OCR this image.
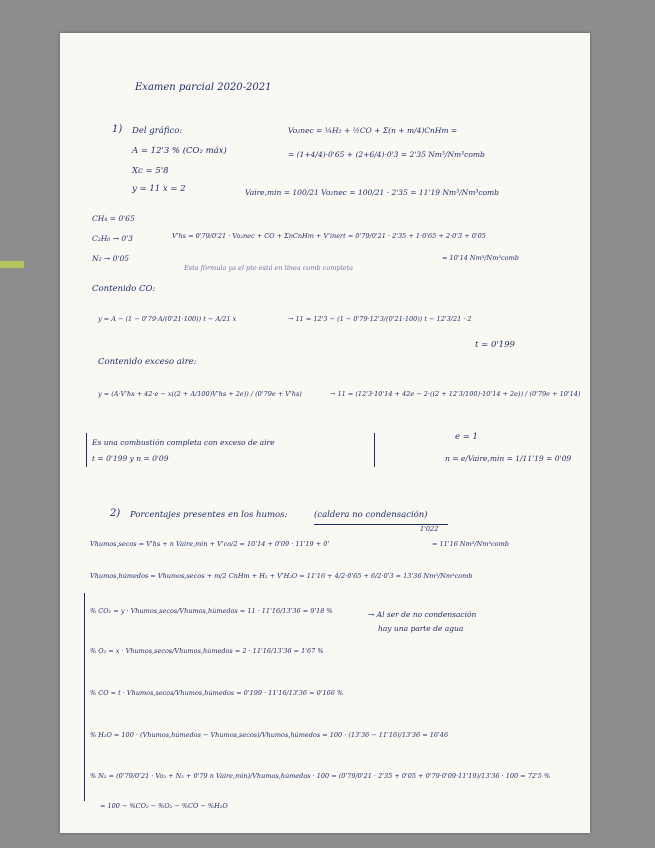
Examen parcial 2020-2021
1) Del gráfico:
A = 12'3 % (CO₂ máx)
Xc = 5'8
y = 11 x = 2
Vo₂nec = ¼H₂ + ½CO + Σ(n + m/4)CnHm =
= (1+4/4)·0'65 + (2+6/4)·0'3 = 2'35 Nm³/Nm³comb
Vaire,min = 100/21 Vo₂nec = 100/21 · 2'35 = 11'19 Nm³/Nm³comb
CH₄ = 0'65
C₂H₆ → 0'3
N₂ → 0'05
V'hs = 0'79/0'21 · Vo₂nec + CO + ΣnCnHm + V'inert = 0'79/0'21 · 2'35 + 1·0'65 + 2·0'3 + 0'05
= 10'14 Nm³/Nm³comb
Esta fórmula ya el pto está en línea comb completa
Contenido CO:
y = A − (1 − 0'79·A/(0'21·100)) t − A/21 x	→ 11 = 12'3 − (1 − 0'79·12'3/(0'21·100)) t − 12'3/21 · 2
t = 0'199
Contenido exceso aire:
y = (A·V'hs + 42·e − x((2 + A/100)V'hs + 2e)) / (0'79e + V'hs)	→ 11 = (12'3·10'14 + 42e − 2·((2 + 12'3/100)·10'14 + 2e)) / (0'79e + 10'14)
Es una combustión completa con exceso de aire
t = 0'199 y n = 0'09
e = 1
n = e/Vaire,min = 1/11'19 = 0'09
2) Porcentajes presentes en los humos:	(caldera no condensación)
Vhumos,secos = V'hs + n Vaire,min + V'co/2 = 10'14 + 0'09 · 11'19 + 0'
1'022
= 11'16 Nm³/Nm³comb
Vhumos,húmedos = Vhumos,secos + m/2 CnHm + H₂ + V'H₂O = 11'16 + 4/2·0'65 + 6/2·0'3 = 13'36 Nm³/Nm³comb
% CO₂ = y · Vhumos,secos/Vhumos,húmedos = 11 · 11'16/13'36 = 9'18 %
% O₂ = x · Vhumos,secos/Vhumos,húmedos = 2 · 11'16/13'36 = 1'67 %
% CO = t · Vhumos,secos/Vhumos,húmedos = 0'199 · 11'16/13'36 = 0'166 %
% H₂O = 100 · (Vhumos,húmedos − Vhumos,secos)/Vhumos,húmedos = 100 · (13'36 − 11'16)/13'36 = 16'46
% N₂ = (0'79/0'21 · Vo₂ + N₂ + 0'79 n Vaire,min)/Vhumos,húmedos · 100 = (0'79/0'21 · 2'35 + 0'05 + 0'79·0'09·11'19)/13'36 · 100 = 72'5 %
= 100 − %CO₂ − %O₂ − %CO − %H₂O
→ Al ser de no condensación
hay una parte de agua
